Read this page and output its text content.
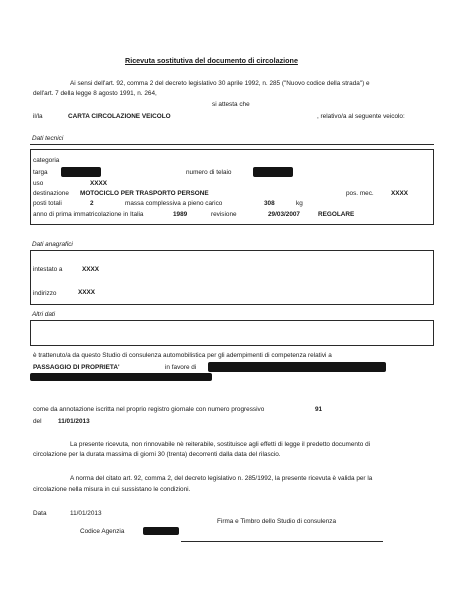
Ricevuta sostitutiva del documento di circolazione
Ai sensi dell'art. 92, comma 2 del decreto legislativo 30 aprile 1992, n. 285 ("Nuovo codice della strada") e
dell'art. 7 della legge 8 agosto 1991, n. 264,
si attesta che
il/la	CARTA CIRCOLAZIONE VEICOLO	, relativo/a al seguente veicolo:
Dati tecnici
categoria
targa	numero di telaio
uso	XXXX
destinazione MOTOCICLO PER TRASPORTO PERSONE	pos. mec.	XXXX
posti totali	2	massa complessiva a pieno carico	308	kg
anno di prima immatricolazione in Italia	1989	revisione	29/03/2007	REGOLARE
Dati anagrafici
intestato a	XXXX
indirizzo	XXXX
Altri dati
è trattenuto/a da questo Studio di consulenza automobilistica per gli adempimenti di competenza relativi a
PASSAGGIO DI PROPRIETA'	in favore di
come da annotazione iscritta nel proprio registro giornale con numero progressivo	91
del	11/01/2013
La presente ricevuta, non rinnovabile nè reiterabile, sostituisce agli effetti di legge il predetto documento di
circolazione per la durata massima di giorni 30 (trenta) decorrenti dalla data del rilascio.
A norma del citato art. 92, comma 2, del decreto legislativo n. 285/1992, la presente ricevuta è valida per la
circolazione nella misura in cui sussistano le condizioni.
Data	11/01/2013
Firma e Timbro dello Studio di consulenza
Codice Agenzia
